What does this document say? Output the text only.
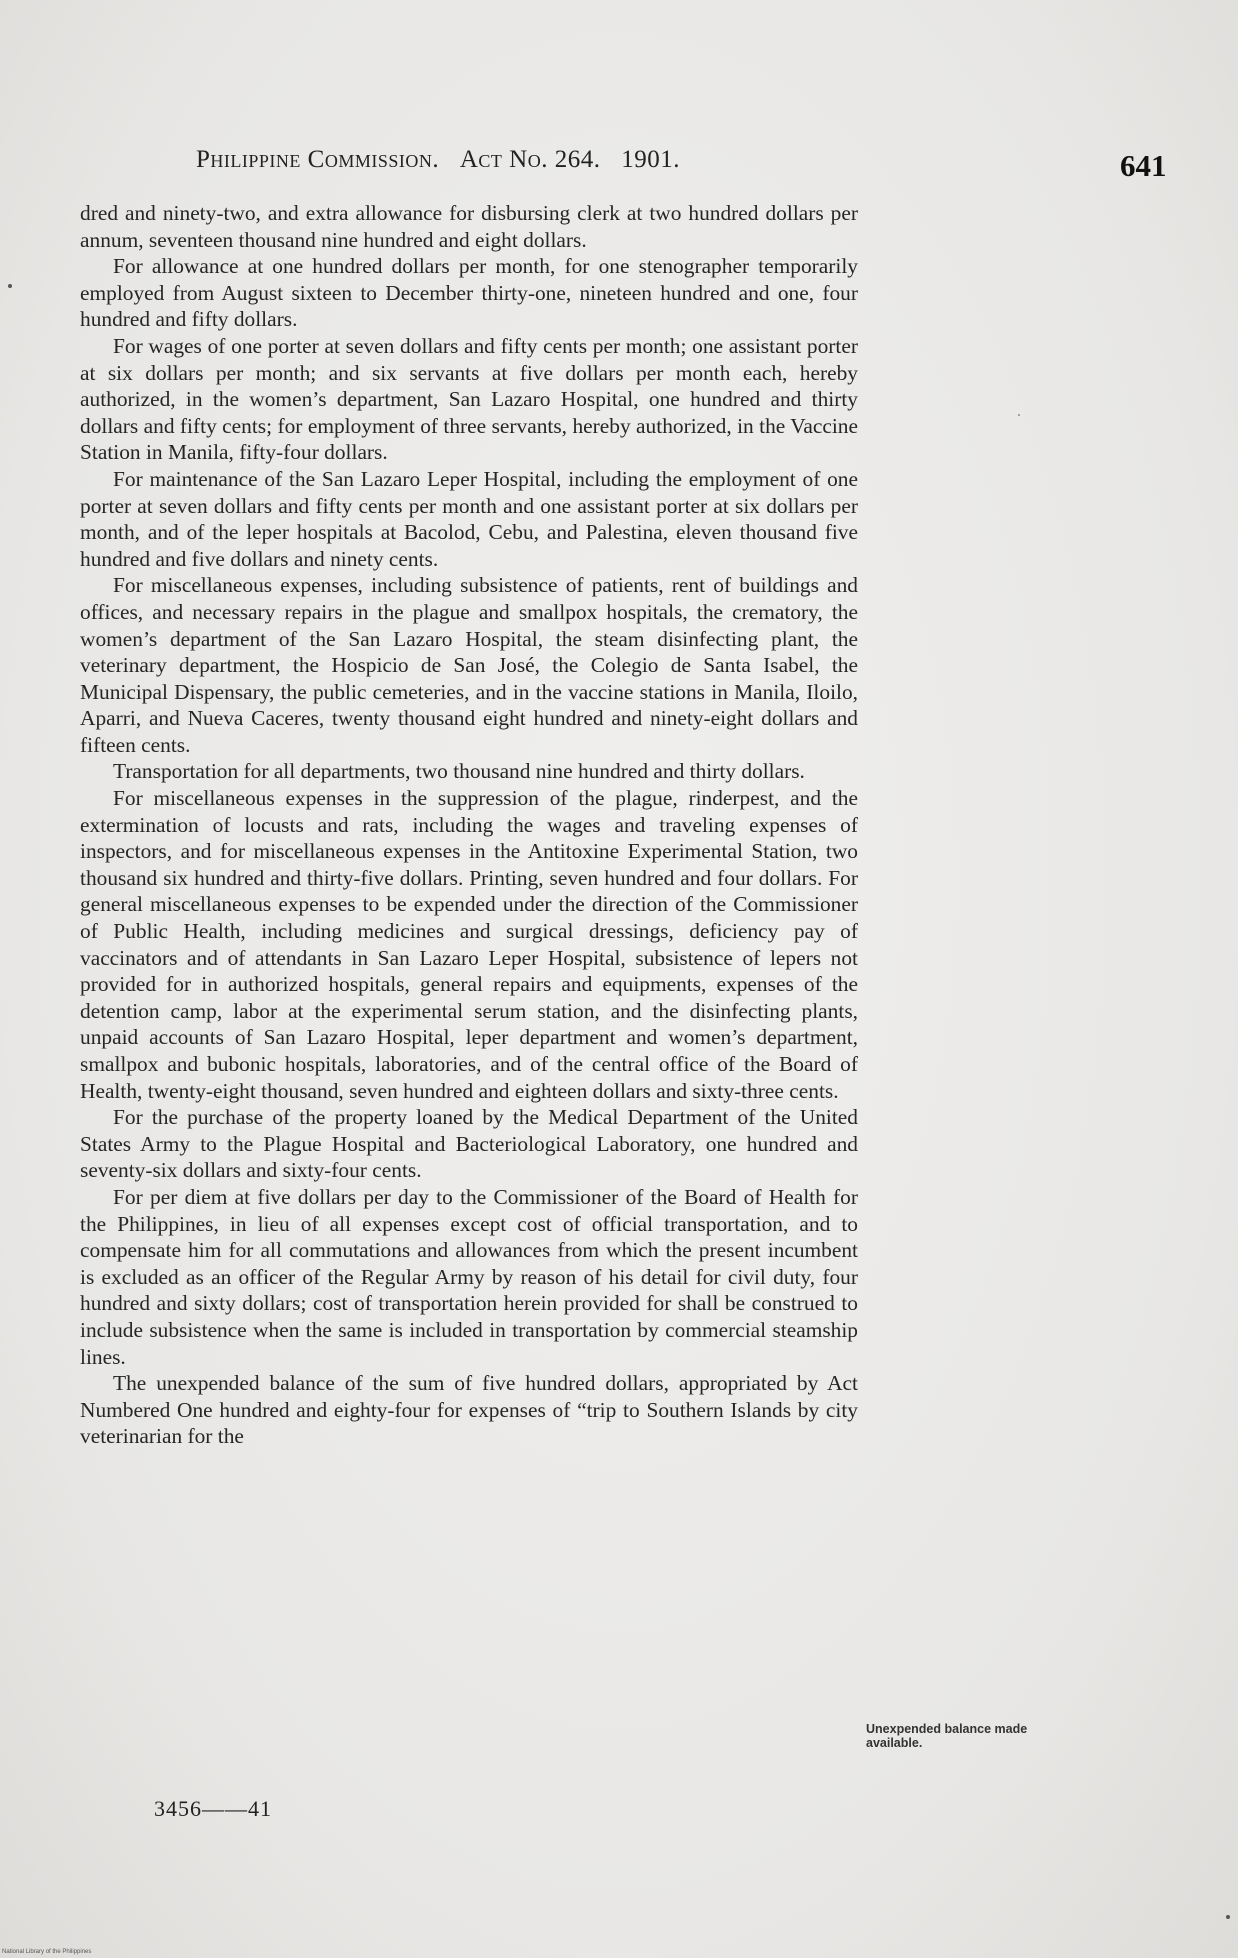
Philippine Commission. Act No. 264. 1901.	641

dred and ninety-two, and extra allowance for disbursing clerk at two hundred dollars per annum, seventeen thousand nine hundred and eight dollars.

For allowance at one hundred dollars per month, for one stenographer temporarily employed from August sixteen to December thirty-one, nineteen hundred and one, four hundred and fifty dollars.

For wages of one porter at seven dollars and fifty cents per month; one assistant porter at six dollars per month; and six servants at five dollars per month each, hereby authorized, in the women’s department, San Lazaro Hospital, one hundred and thirty dollars and fifty cents; for employment of three servants, hereby authorized, in the Vaccine Station in Manila, fifty-four dollars.

For maintenance of the San Lazaro Leper Hospital, including the employment of one porter at seven dollars and fifty cents per month and one assistant porter at six dollars per month, and of the leper hospitals at Bacolod, Cebu, and Palestina, eleven thousand five hundred and five dollars and ninety cents.

For miscellaneous expenses, including subsistence of patients, rent of buildings and offices, and necessary repairs in the plague and smallpox hospitals, the crematory, the women’s department of the San Lazaro Hospital, the steam disinfecting plant, the veterinary department, the Hospicio de San José, the Colegio de Santa Isabel, the Municipal Dispensary, the public cemeteries, and in the vaccine stations in Manila, Iloilo, Aparri, and Nueva Caceres, twenty thousand eight hundred and ninety-eight dollars and fifteen cents.

Transportation for all departments, two thousand nine hundred and thirty dollars.

For miscellaneous expenses in the suppression of the plague, rinderpest, and the extermination of locusts and rats, including the wages and traveling expenses of inspectors, and for miscellaneous expenses in the Antitoxine Experimental Station, two thousand six hundred and thirty-five dollars. Printing, seven hundred and four dollars. For general miscellaneous expenses to be expended under the direction of the Commissioner of Public Health, including medicines and surgical dressings, deficiency pay of vaccinators and of attendants in San Lazaro Leper Hospital, subsistence of lepers not provided for in authorized hospitals, general repairs and equipments, expenses of the detention camp, labor at the experimental serum station, and the disinfecting plants, unpaid accounts of San Lazaro Hospital, leper department and women’s department, smallpox and bubonic hospitals, laboratories, and of the central office of the Board of Health, twenty-eight thousand, seven hundred and eighteen dollars and sixty-three cents.

For the purchase of the property loaned by the Medical Department of the United States Army to the Plague Hospital and Bacteriological Laboratory, one hundred and seventy-six dollars and sixty-four cents.

For per diem at five dollars per day to the Commissioner of the Board of Health for the Philippines, in lieu of all expenses except cost of official transportation, and to compensate him for all commutations and allowances from which the present incumbent is excluded as an officer of the Regular Army by reason of his detail for civil duty, four hundred and sixty dollars; cost of transportation herein provided for shall be construed to include subsistence when the same is included in transportation by commercial steamship lines.

The unexpended balance of the sum of five hundred dollars, appropriated by Act Numbered One hundred and eighty-four for expenses of “trip to Southern Islands by city veterinarian for the

Unexpended balance made available.
3456——41
National Library of the Philippines
